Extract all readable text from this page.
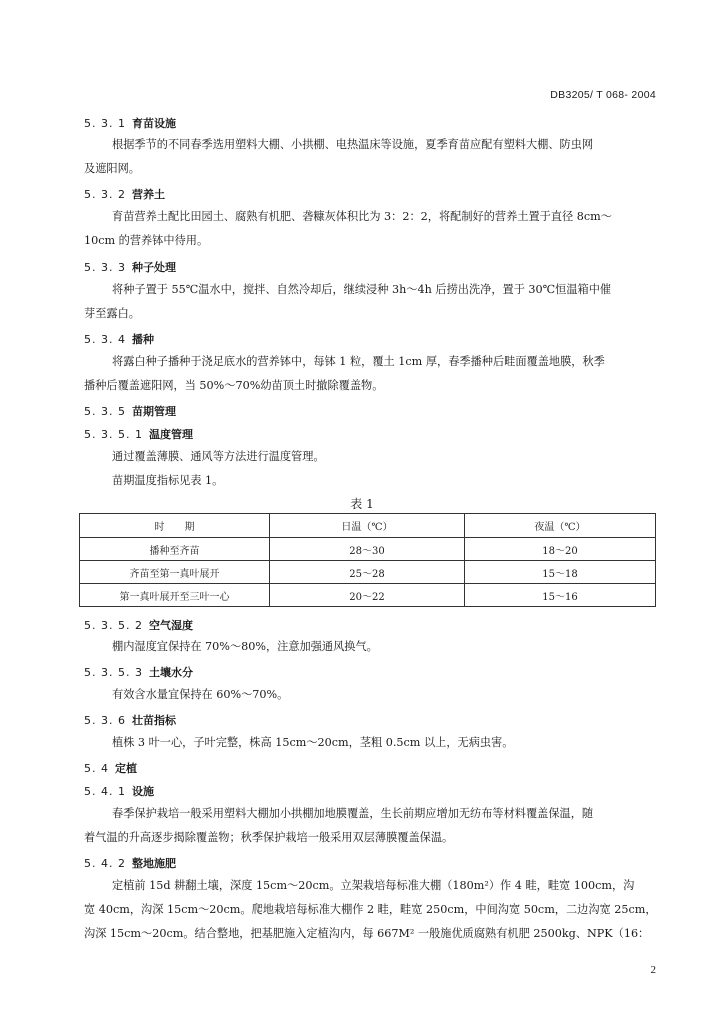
DB3205/ T 068- 2004
5. 3. 1 育苗设施
根据季节的不同春季选用塑料大棚、小拱棚、电热温床等设施，夏季育苗应配有塑料大棚、防虫网
及遮阳网。
5. 3. 2 营养土
育苗营养土配比田园土、腐熟有机肥、砻糠灰体积比为 3：2：2，将配制好的营养土置于直径 8cm～
10cm 的营养钵中待用。
5. 3. 3 种子处理
将种子置于 55℃温水中，搅拌、自然冷却后，继续浸种 3h～4h 后捞出洗净，置于 30℃恒温箱中催
芽至露白。
5. 3. 4 播种
将露白种子播种于浇足底水的营养钵中，每钵 1 粒，覆土 1cm 厚，春季播种后畦面覆盖地膜，秋季
播种后覆盖遮阳网，当 50%～70%幼苗顶土时撤除覆盖物。
5. 3. 5 苗期管理
5. 3. 5. 1 温度管理
通过覆盖薄膜、通风等方法进行温度管理。
苗期温度指标见表 1。
表 1
时　　期	日温（℃）	夜温（℃）
播种至齐苗	28～30	18～20
齐苗至第一真叶展开	25～28	15～18
第一真叶展开至三叶一心	20～22	15～16
5. 3. 5. 2 空气湿度
棚内湿度宜保持在 70%～80%，注意加强通风换气。
5. 3. 5. 3 土壤水分
有效含水量宜保持在 60%～70%。
5. 3. 6 壮苗指标
植株 3 叶一心，子叶完整，株高 15cm～20cm，茎粗 0.5cm 以上，无病虫害。
5. 4 定植
5. 4. 1 设施
春季保护栽培一般采用塑料大棚加小拱棚加地膜覆盖，生长前期应增加无纺布等材料覆盖保温，随
着气温的升高逐步揭除覆盖物；秋季保护栽培一般采用双层薄膜覆盖保温。
5. 4. 2 整地施肥
定植前 15d 耕翻土壤，深度 15cm～20cm。立架栽培每标准大棚（180m²）作 4 畦，畦宽 100cm，沟
宽 40cm，沟深 15cm～20cm。爬地栽培每标准大棚作 2 畦，畦宽 250cm，中间沟宽 50cm，二边沟宽 25cm，
沟深 15cm～20cm。结合整地，把基肥施入定植沟内，每 667M² 一般施优质腐熟有机肥 2500kg、NPK（16：
2
